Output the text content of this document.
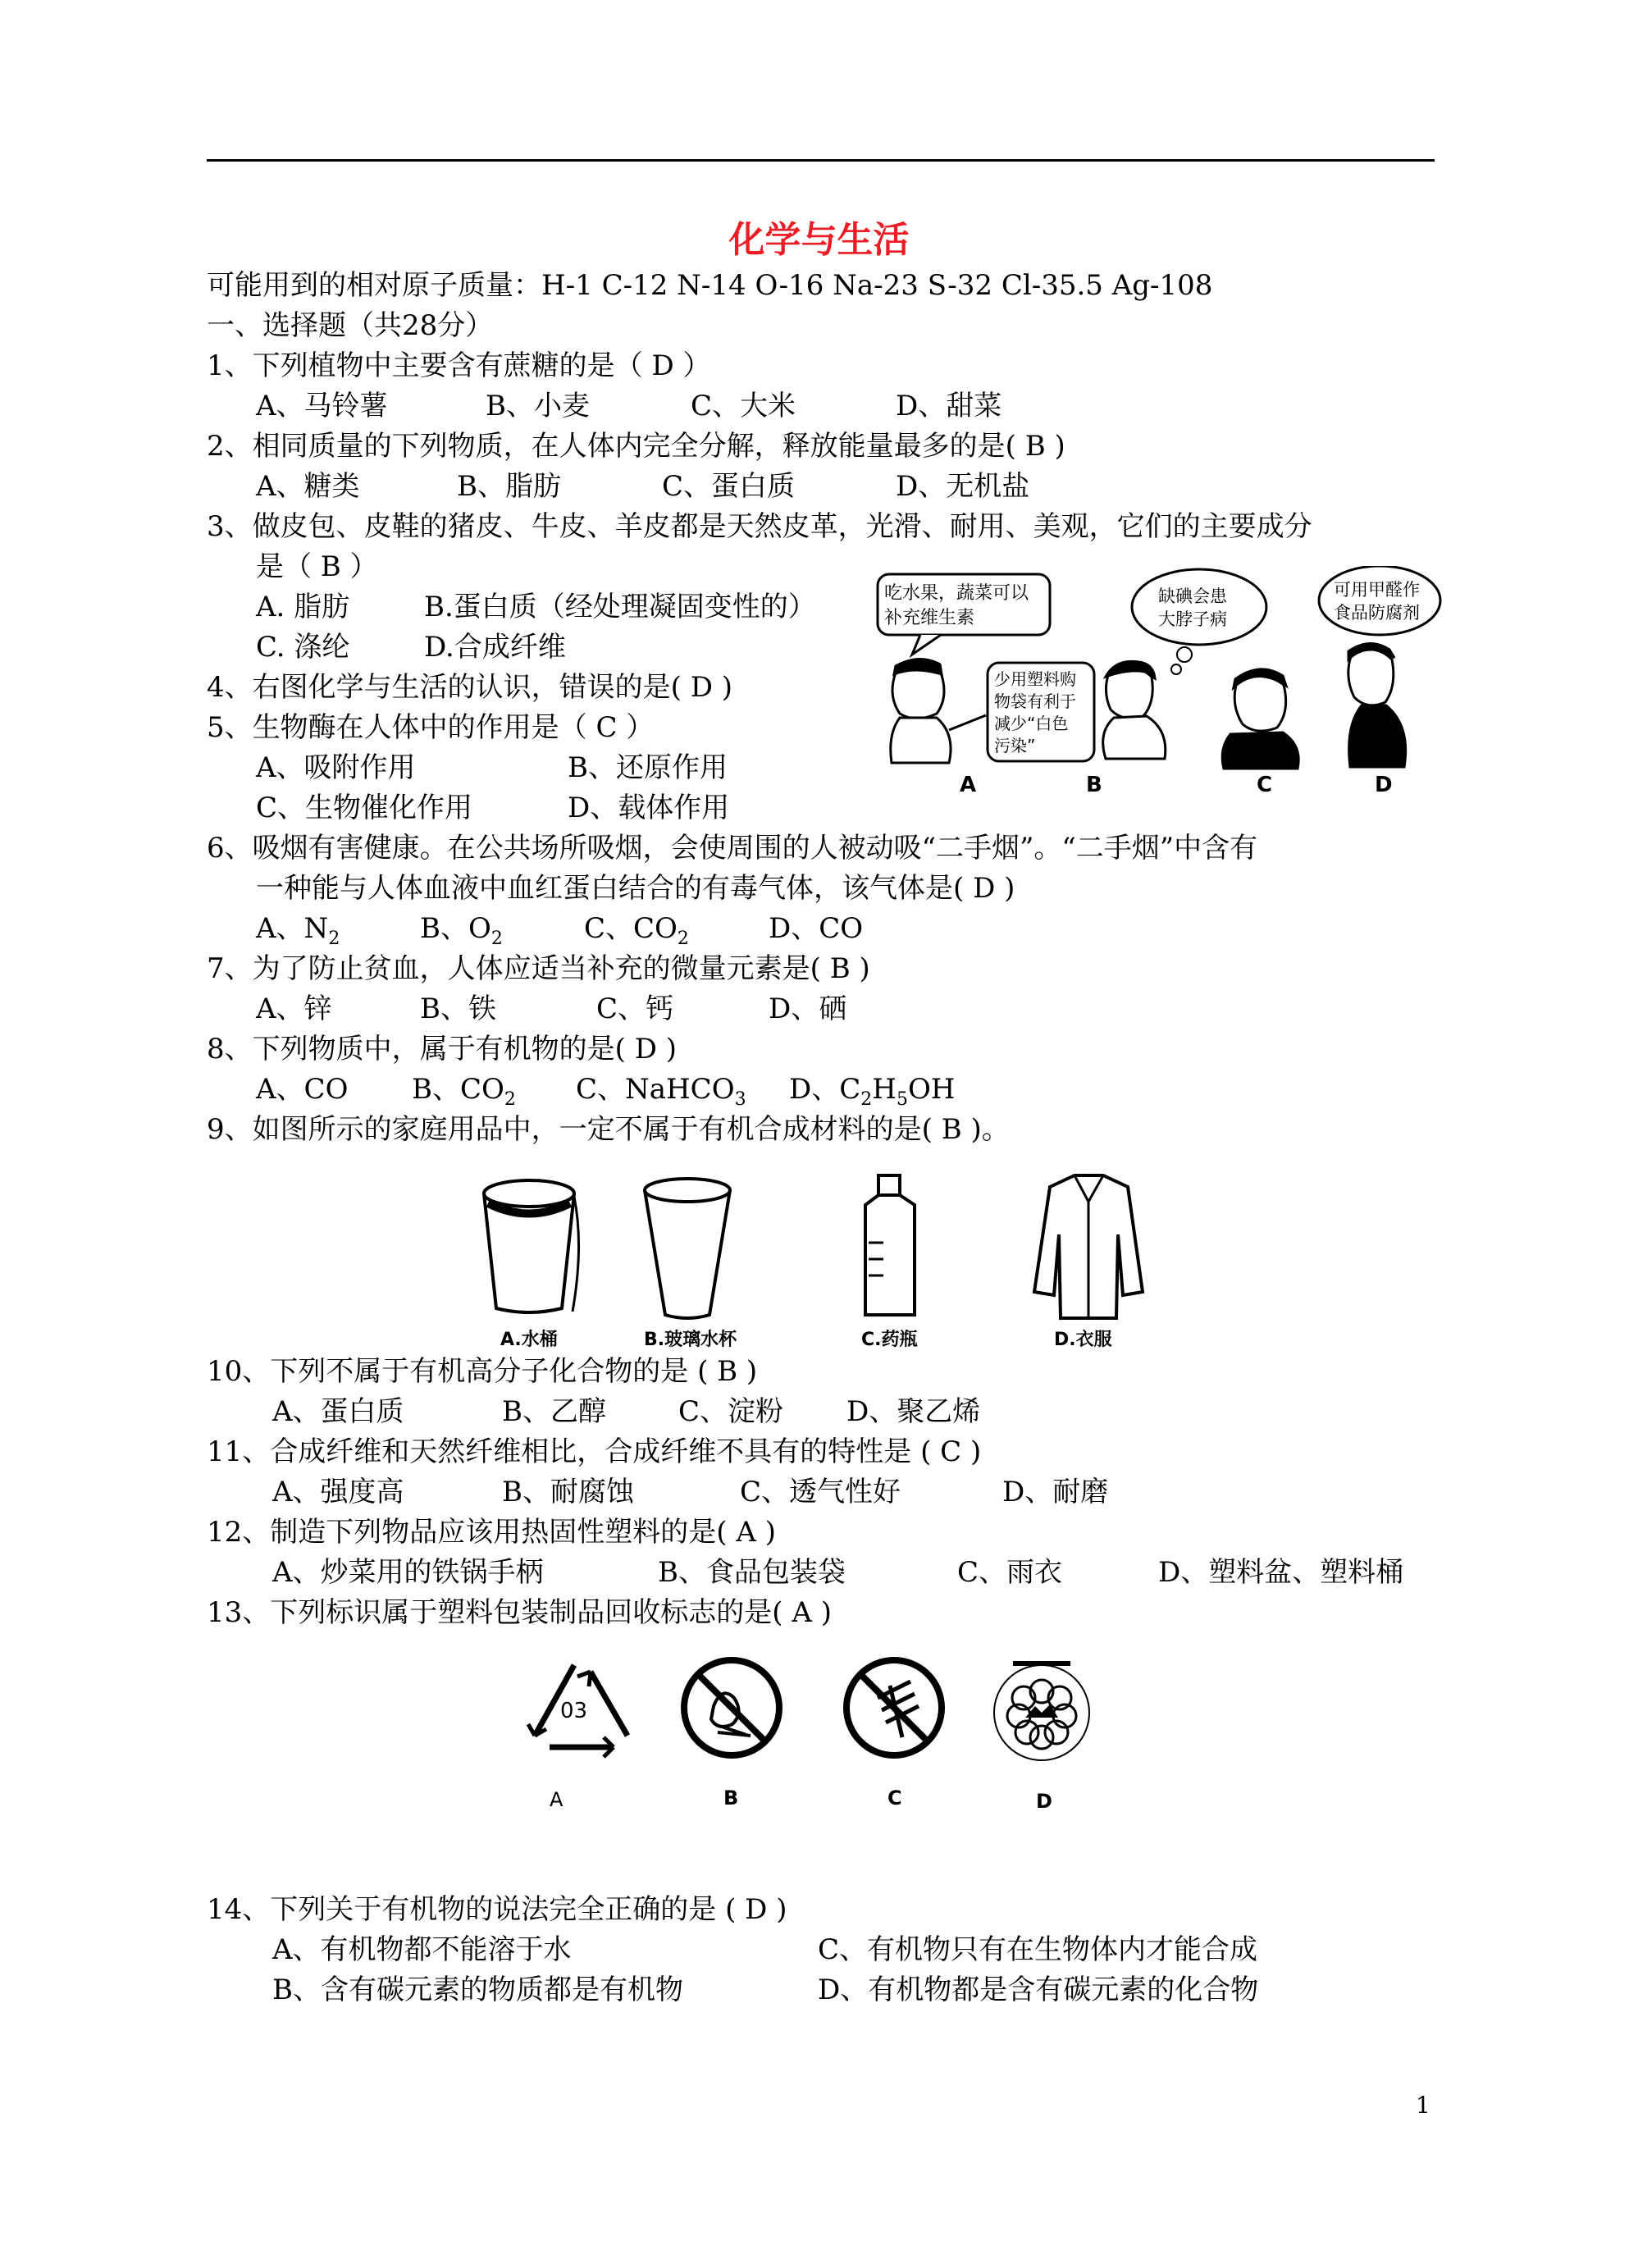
化学与生活
可能用到的相对原子质量：H-1 C-12 N-14 O-16 Na-23 S-32 Cl-35.5 Ag-108
一、选择题（共28分）
1、下列植物中主要含有蔗糖的是（ D ）
A、马铃薯	B、小麦	C、大米	D、甜菜
2、相同质量的下列物质，在人体内完全分解，释放能量最多的是( B )
A、糖类	B、脂肪	C、蛋白质	D、无机盐
3、做皮包、皮鞋的猪皮、牛皮、羊皮都是天然皮革，光滑、耐用、美观，它们的主要成分
是（ B ）
A. 脂肪	B.蛋白质（经处理凝固变性的）
C. 涤纶	D.合成纤维
吃水果，蔬菜可以
补充维生素
少用塑料购
物袋有利于
减少“白色
污染”
缺碘会患
大脖子病
可用甲醛作
食品防腐剂
A	B	C	D
4、右图化学与生活的认识，错误的是( D )
5、生物酶在人体中的作用是（ C ）
A、吸附作用	B、还原作用
C、生物催化作用	D、载体作用
6、吸烟有害健康。在公共场所吸烟，会使周围的人被动吸“二手烟”。“二手烟”中含有
一种能与人体血液中血红蛋白结合的有毒气体，该气体是( D )
A、$N_2$	B、$O_2$	C、$CO_2$	D、CO
7、为了防止贫血，人体应适当补充的微量元素是( B )
A、锌	B、铁	C、钙	D、硒
8、下列物质中，属于有机物的是( D )
A、CO B、$CO_2$ C、NaHCO$_3$ D、$C_2H_5OH$
9、如图所示的家庭用品中，一定不属于有机合成材料的是( B )。
A.水桶	B.玻璃水杯	C.药瓶	D.衣服
10、下列不属于有机高分子化合物的是 ( B )
A、蛋白质	B、乙醇	C、淀粉 D、聚乙烯
11、合成纤维和天然纤维相比，合成纤维不具有的特性是 ( C )
A、强度高	B、耐腐蚀	C、透气性好	D、耐磨
12、制造下列物品应该用热固性塑料的是( A )
A、炒菜用的铁锅手柄	B、食品包装袋	C、雨衣	D、塑料盆、塑料桶
13、下列标识属于塑料包装制品回收标志的是( A )
03
A	B	C	D
14、下列关于有机物的说法完全正确的是 ( D )
A、有机物都不能溶于水	C、有机物只有在生物体内才能合成
B、含有碳元素的物质都是有机物	D、有机物都是含有碳元素的化合物
1
